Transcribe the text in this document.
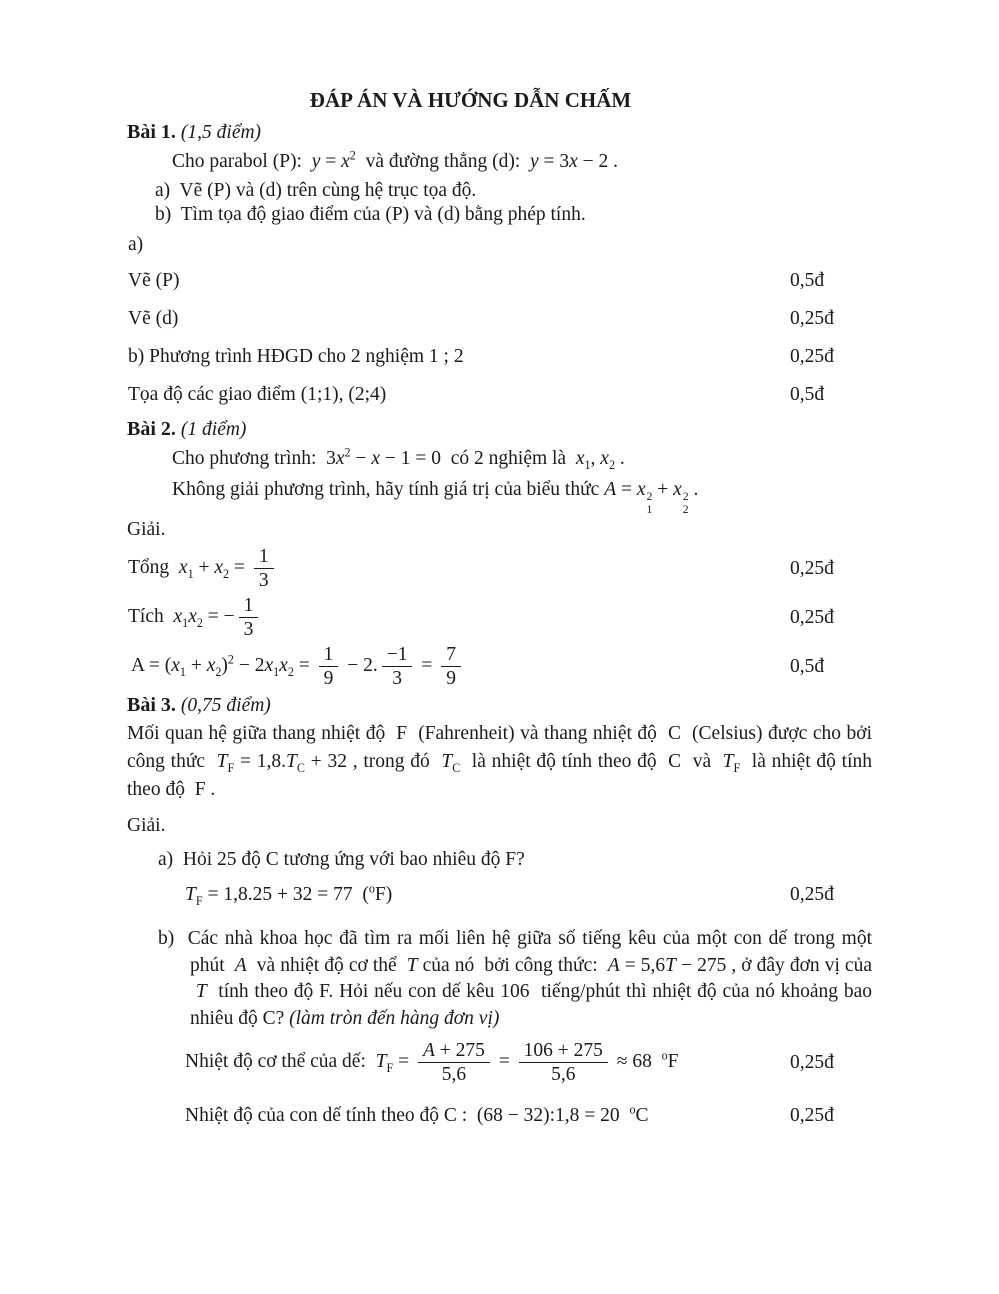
ĐÁP ÁN VÀ HƯỚNG DẪN CHẤM

Bài 1. (1,5 điểm)

Cho parabol (P):  $y = x^2$  và đường thẳng (d):  y = 3x − 2 .

a)  Vẽ (P) và (d) trên cùng hệ trục tọa độ.

b)  Tìm tọa độ giao điểm của (P) và (d) bằng phép tính.

a)

Vẽ (P)	0,5đ
Vẽ (d)	0,25đ
b) Phương trình HĐGD cho 2 nghiệm 1 ; 2	0,25đ
Tọa độ các giao điểm (1;1), (2;4)	0,5đ

Bài 2. (1 điểm)

Cho phương trình:  $3x^2 - x - 1 = 0$  có 2 nghiệm là  $x_1$, $x_2$ .

Không giải phương trình, hãy tính giá trị của biểu thức A = x 2
1
+ x 2
2
.

Giải.

Tổng  $x_1 + x_2 = \frac{1}{3}$	0,25đ
Tích  $x_1x_2$ = − $\frac{1}{3}$	0,25đ
$A = (x_1 + x_2)^2 - 2x_1x_2 = \frac{1}{9} - 2$. $\frac{-1}{3} = \frac{7}{9}$	0,5đ

Bài 3. (0,75 điểm)

Mối quan hệ giữa thang nhiệt độ  F  (Fahrenheit) và thang nhiệt độ  C  (Celsius) được cho bởi công thức  $T_F = 1,8.T_C + 32$ , trong đó  $T_C$  là nhiệt độ tính theo độ  C  và  $T_F$  là nhiệt độ tính theo độ  F .

Giải.

a)  Hỏi 25 độ C tương ứng với bao nhiêu độ F?

$T_F = 1,8.25 + 32 = 77$  ($^o$F)	0,25đ

b)  Các nhà khoa học đã tìm ra mối liên hệ giữa số tiếng kêu của một con dế trong một phút  A  và nhiệt độ cơ thể  T của nó  bởi công thức:  A = 5,6T − 275 , ở đây đơn vị của  T  tính theo độ F. Hỏi nếu con dế kêu 106  tiếng/phút thì nhiệt độ của nó khoảng bao nhiêu độ C? (làm tròn đến hàng đơn vị)

Nhiệt độ cơ thể của dế:  $T_F = \frac{A + 275}{5,6} = \frac{106 + 275}{5,6} \approx 68$  $^o$F	0,25đ
Nhiệt độ của con dế tính theo độ C :  (68 − 32):1,8 = 20  $^o$C	0,25đ
